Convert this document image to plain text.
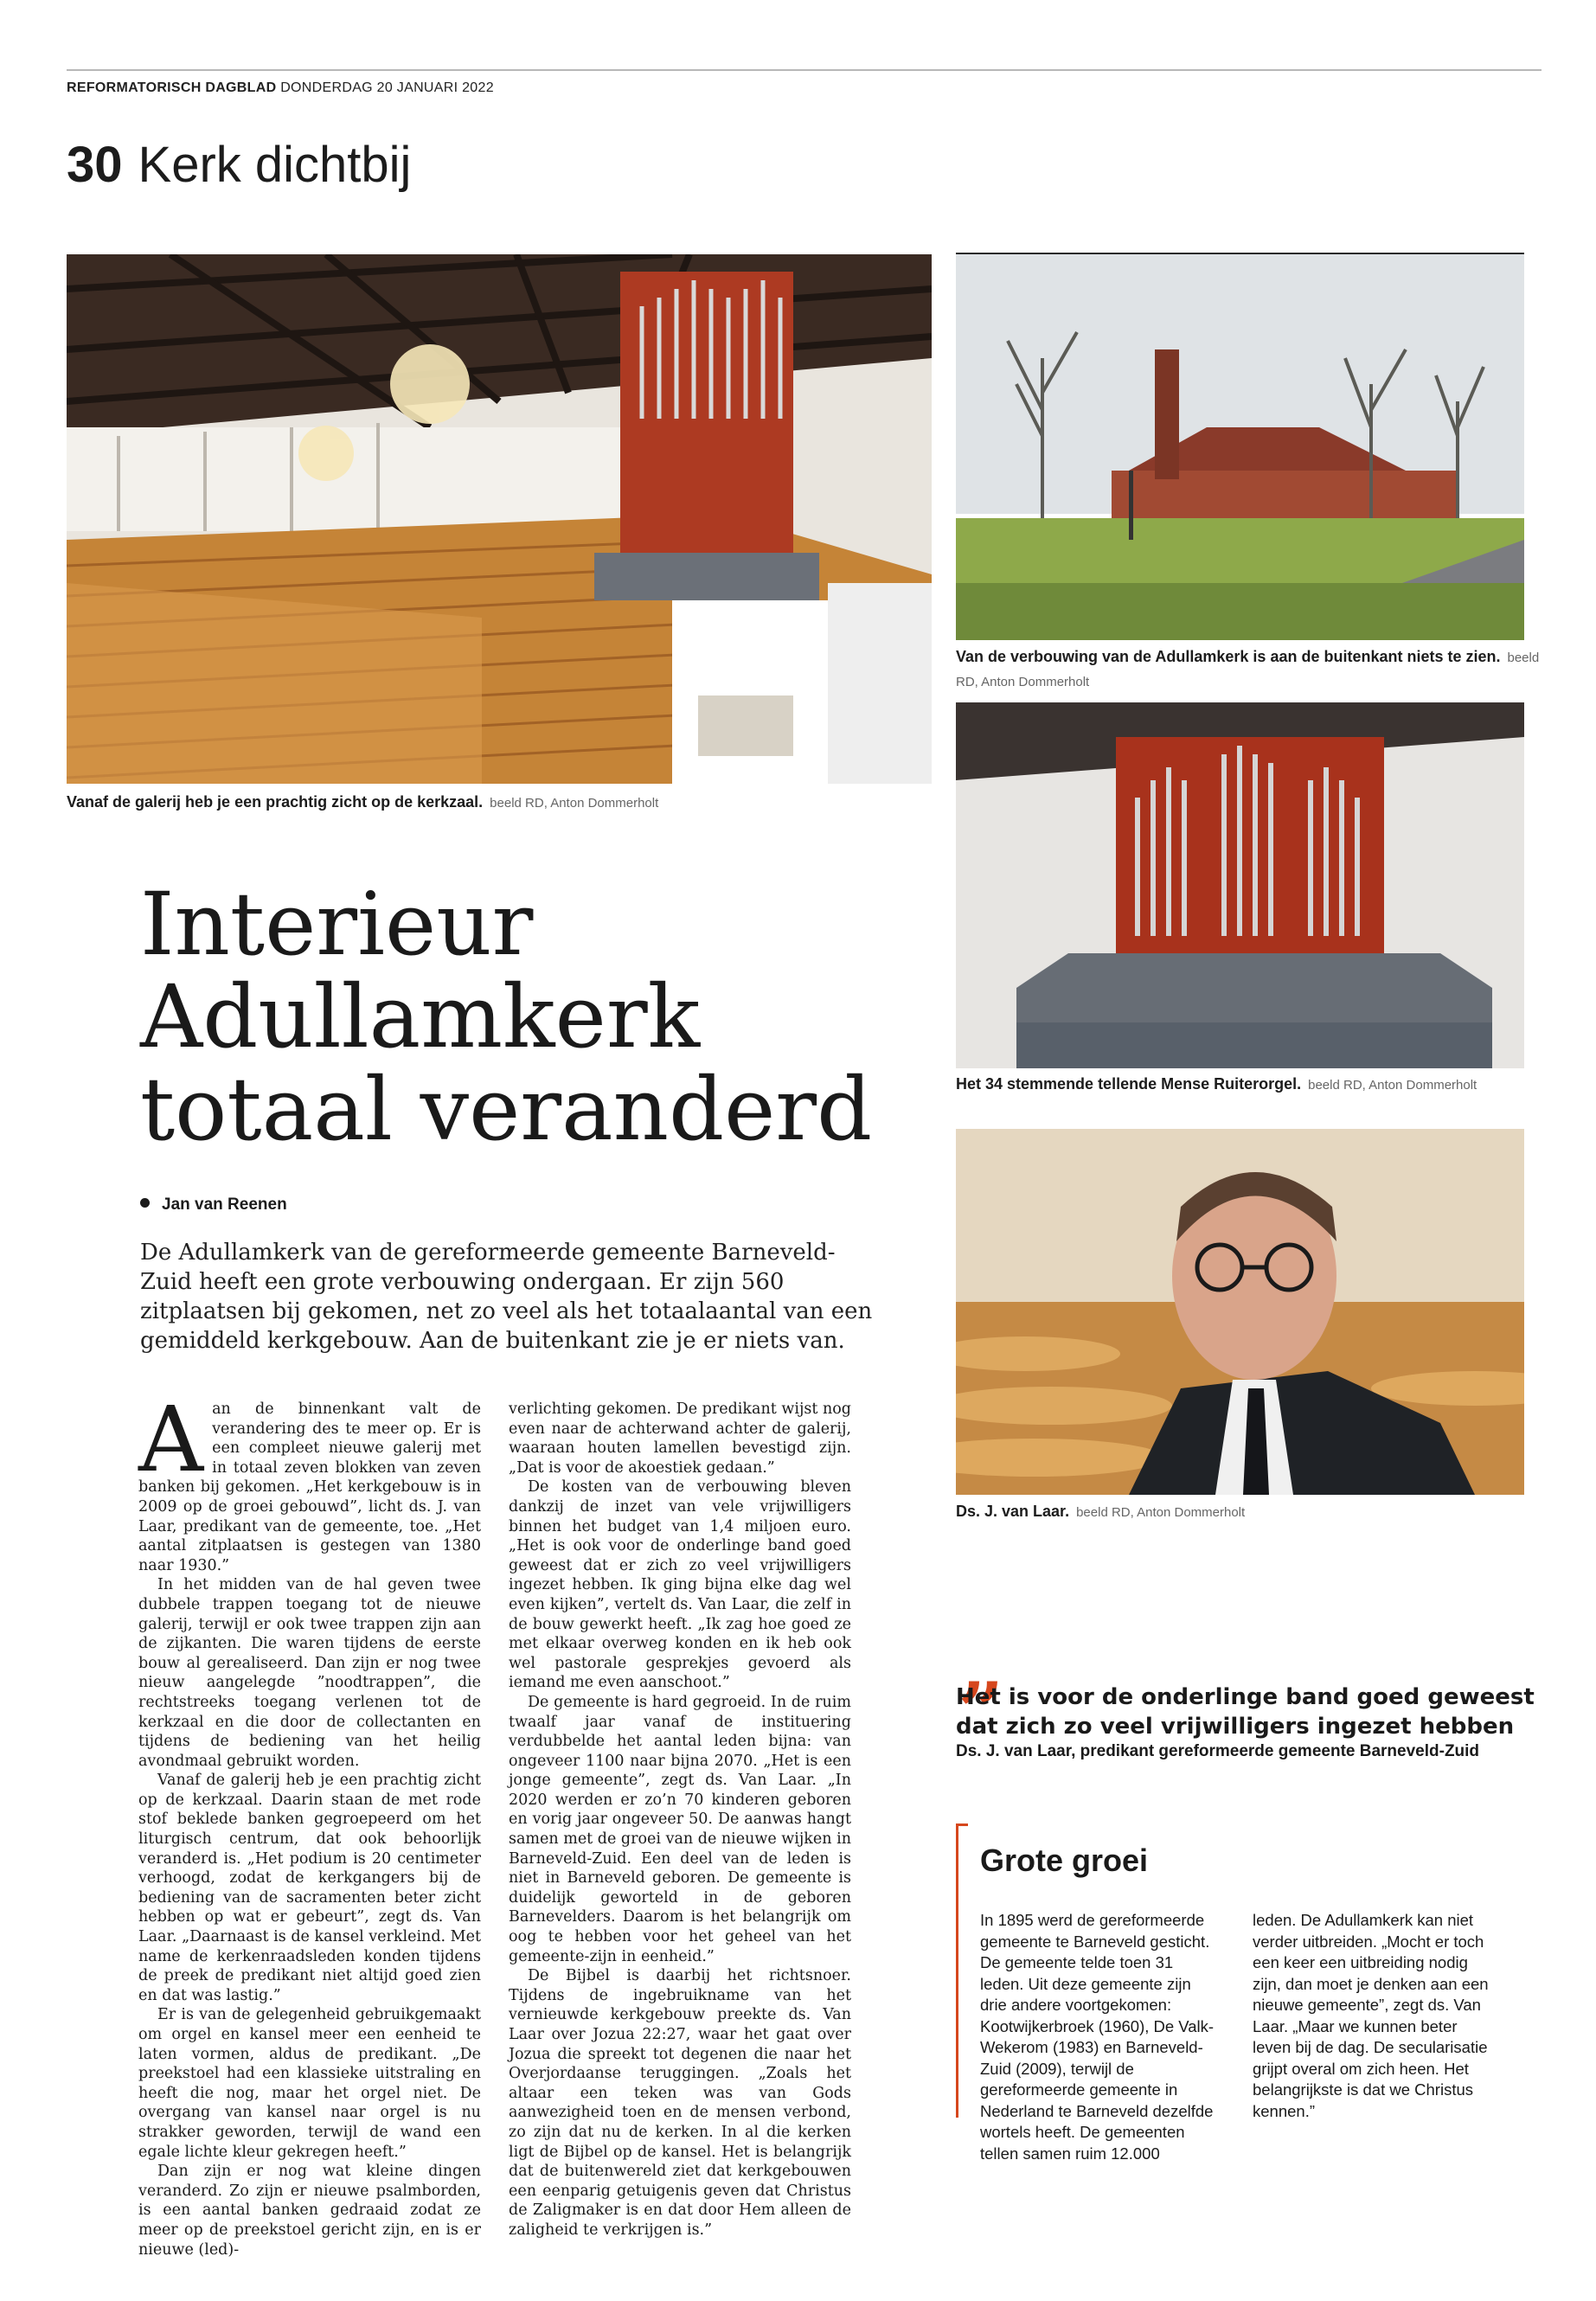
REFORMATORISCH DAGBLAD DONDERDAG 20 JANUARI 2022
30 Kerk dichtbij
Vanaf de galerij heb je een prachtig zicht op de kerkzaal. beeld RD, Anton Dommerholt
Van de verbouwing van de Adullamkerk is aan de buitenkant niets te zien. beeld RD, Anton Dommerholt
Het 34 stemmende tellende Mense Ruiterorgel. beeld RD, Anton Dommerholt
Ds. J. van Laar. beeld RD, Anton Dommerholt
Interieur
Adullamkerk
totaal veranderd
Jan van Reenen
De Adullamkerk van de gereformeerde gemeente Barneveld-Zuid heeft een grote verbouwing ondergaan. Er zijn 560 zitplaatsen bij gekomen, net zo veel als het totaalaantal van een gemiddeld kerkgebouw. Aan de buitenkant zie je er niets van.
A an de binnenkant valt de verandering des te meer op. Er is een compleet nieuwe galerij met in totaal zeven blokken van zeven banken bij gekomen. „Het kerkgebouw is in 2009 op de groei gebouwd”, licht ds. J. van Laar, predikant van de gemeente, toe. „Het aantal zitplaatsen is gestegen van 1380 naar 1930.”

In het midden van de hal geven twee dubbele trappen toegang tot de nieuwe galerij, terwijl er ook twee trappen zijn aan de zijkanten. Die waren tijdens de eerste bouw al gerealiseerd. Dan zijn er nog twee nieuw aangelegde ”noodtrappen”, die rechtstreeks toegang verlenen tot de kerkzaal en die door de collectanten en tijdens de bediening van het heilig avondmaal gebruikt worden.

Vanaf de galerij heb je een prachtig zicht op de kerkzaal. Daarin staan de met rode stof beklede banken gegroepeerd om het liturgisch centrum, dat ook behoorlijk veranderd is. „Het podium is 20 centimeter verhoogd, zodat de kerkgangers bij de bediening van de sacramenten beter zicht hebben op wat er gebeurt”, zegt ds. Van Laar. „Daarnaast is de kansel verkleind. Met name de kerkenraadsleden konden tijdens de preek de predikant niet altijd goed zien en dat was lastig.”

Er is van de gelegenheid gebruikgemaakt om orgel en kansel meer een eenheid te laten vormen, aldus de predikant. „De preekstoel had een klassieke uitstraling en heeft die nog, maar het orgel niet. De overgang van kansel naar orgel is nu strakker geworden, terwijl de wand een egale lichte kleur gekregen heeft.”

Dan zijn er nog wat kleine dingen veranderd. Zo zijn er nieuwe psalmborden, is een aantal banken gedraaid zodat ze meer op de preekstoel gericht zijn, en is er nieuwe (led)-

verlichting gekomen. De predikant wijst nog even naar de achterwand achter de galerij, waaraan houten lamellen bevestigd zijn. „Dat is voor de akoestiek gedaan.”

De kosten van de verbouwing bleven dankzij de inzet van vele vrijwilligers binnen het budget van 1,4 miljoen euro. „Het is ook voor de onderlinge band goed geweest dat er zich zo veel vrijwilligers ingezet hebben. Ik ging bijna elke dag wel even kijken”, vertelt ds. Van Laar, die zelf in de bouw gewerkt heeft. „Ik zag hoe goed ze met elkaar overweg konden en ik heb ook wel pastorale gesprekjes gevoerd als iemand me even aanschoot.”

De gemeente is hard gegroeid. In de ruim twaalf jaar vanaf de instituering verdubbelde het aantal leden bijna: van ongeveer 1100 naar bijna 2070. „Het is een jonge gemeente”, zegt ds. Van Laar. „In 2020 werden er zo’n 70 kinderen geboren en vorig jaar ongeveer 50. De aanwas hangt samen met de groei van de nieuwe wijken in Barneveld-Zuid. Een deel van de leden is niet in Barneveld geboren. De gemeente is duidelijk geworteld in de geboren Barnevelders. Daarom is het belangrijk om oog te hebben voor het geheel van het gemeente-zijn in eenheid.”

De Bijbel is daarbij het richtsnoer. Tijdens de ingebruikname van het vernieuwde kerkgebouw preekte ds. Van Laar over Jozua 22:27, waar het gaat over Jozua die spreekt tot degenen die naar het Overjordaanse teruggingen. „Zoals het altaar een teken was van Gods aanwezigheid toen en de mensen verbond, zo zijn dat nu de kerken. In al die kerken ligt de Bijbel op de kansel. Het is belangrijk dat de buitenwereld ziet dat kerkgebouwen een eenparig getuigenis geven dat Christus de Zaligmaker is en dat door Hem alleen de zaligheid te verkrijgen is.”

„
Het is voor de onderlinge band goed geweest dat zich zo veel vrijwilligers ingezet hebben
Ds. J. van Laar, predikant gereformeerde gemeente Barneveld-Zuid
Grote groei
In 1895 werd de gereformeerde gemeente te Barneveld gesticht. De gemeente telde toen 31 leden. Uit deze gemeente zijn drie andere voortgekomen: Kootwijkerbroek (1960), De Valk-Wekerom (1983) en Barneveld-Zuid (2009), terwijl de gereformeerde gemeente in Nederland te Barneveld dezelfde wortels heeft. De gemeenten tellen samen ruim 12.000
leden. De Adullamkerk kan niet verder uitbreiden. „Mocht er toch een keer een uitbreiding nodig zijn, dan moet je denken aan een nieuwe gemeente”, zegt ds. Van Laar. „Maar we kunnen beter leven bij de dag. De secularisatie grijpt overal om zich heen. Het belangrijkste is dat we Christus kennen.”
